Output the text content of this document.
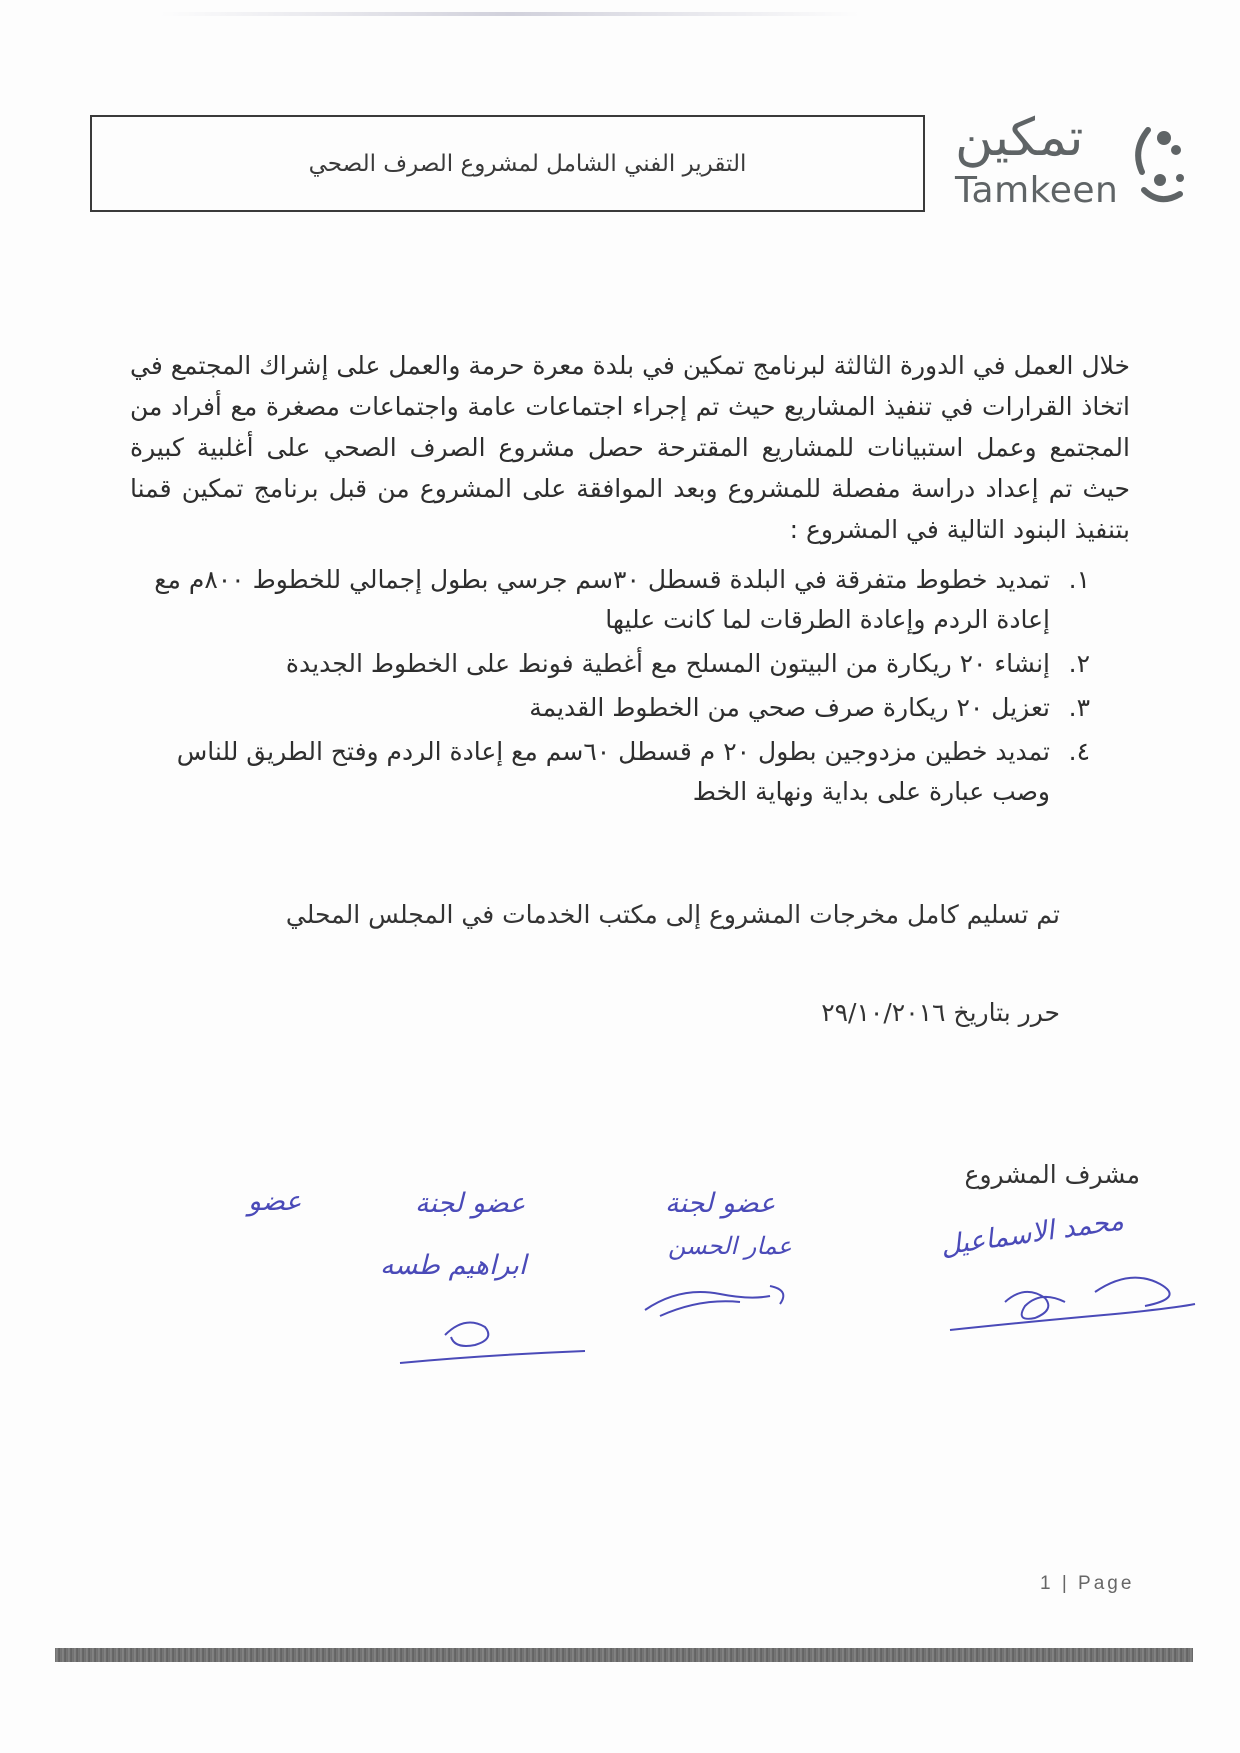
التقرير الفني الشامل لمشروع الصرف الصحي	تمكين
Tamkeen

خلال العمل في الدورة الثالثة لبرنامج تمكين في بلدة معرة حرمة والعمل على إشراك المجتمع في اتخاذ القرارات في تنفيذ المشاريع حيث تم إجراء اجتماعات عامة واجتماعات مصغرة مع أفراد من المجتمع وعمل استبيانات للمشاريع المقترحة حصل مشروع الصرف الصحي على أغلبية كبيرة حيث تم إعداد دراسة مفصلة للمشروع وبعد الموافقة على المشروع من قبل برنامج تمكين قمنا بتنفيذ البنود التالية في المشروع :

١.
تمديد خطوط متفرقة في البلدة قسطل ٣٠سم جرسي بطول إجمالي للخطوط ٨٠٠م مع إعادة الردم وإعادة الطرقات لما كانت عليها
٢.
إنشاء ٢٠ ريكارة من البيتون المسلح مع أغطية فونط على الخطوط الجديدة
٣.
تعزيل ٢٠ ريكارة صرف صحي من الخطوط القديمة
٤.
تمديد خطين مزدوجين بطول ٢٠ م قسطل ٦٠سم مع إعادة الردم وفتح الطريق للناس وصب عبارة على بداية ونهاية الخط
تم تسليم كامل مخرجات المشروع إلى مكتب الخدمات في المجلس المحلي
حرر بتاريخ ٢٩/١٠/٢٠١٦
مشرف المشروع
محمد الاسماعيل
عضو لجنة
عمار الحسن
عضو لجنة
ابراهيم طسه
عضو
1 | Page
